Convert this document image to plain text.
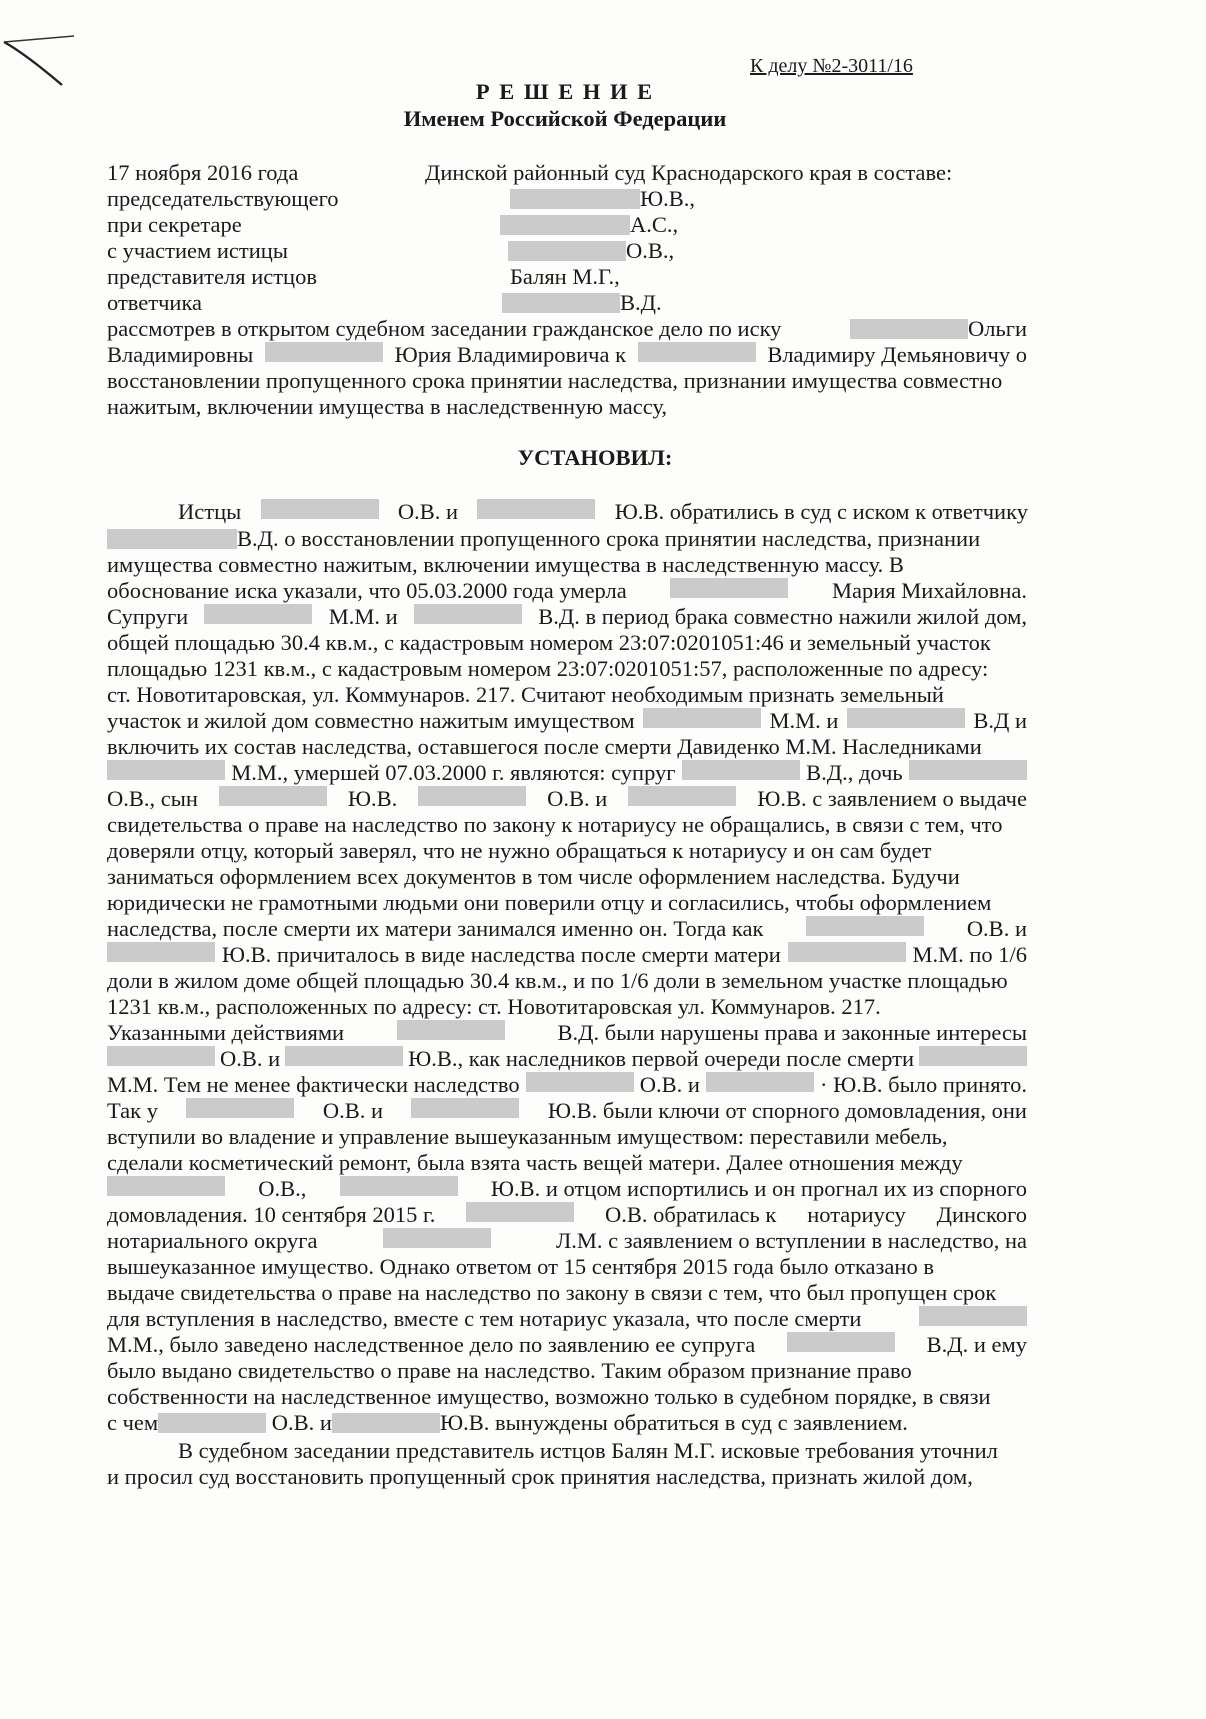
К делу №2-3011/16
Р Е Ш Е Н И Е
Именем Российской Федерации
17 ноября 2016 года	Динской районный суд Краснодарского края в составе:
председательствующего	Ю.В.,
при секретаре	А.С.,
с участием истицы	О.В.,
представителя истцов	Балян М.Г.,
ответчика	В.Д.
рассмотрев в открытом судебном заседании гражданское дело по иску	Ольги
Владимировны	Юрия Владимировича к	Владимиру Демьяновичу о
восстановлении пропущенного срока принятии наследства, признании имущества совместно
нажитым, включении имущества в наследственную массу,
УСТАНОВИЛ:
Истцы	О.В. и	Ю.В. обратились в суд с иском к ответчику
В.Д. о восстановлении пропущенного срока принятии наследства, признании
имущества совместно нажитым, включении имущества в наследственную массу. В
обоснование иска указали, что 05.03.2000 года умерла	Мария Михайловна.
Супруги	М.М. и	В.Д. в период брака совместно нажили жилой дом,
общей площадью 30.4 кв.м., с кадастровым номером 23:07:0201051:46 и земельный участок
площадью 1231 кв.м., с кадастровым номером 23:07:0201051:57, расположенные по адресу:
ст. Новотитаровская, ул. Коммунаров. 217. Считают необходимым признать земельный
участок и жилой дом совместно нажитым имуществом	М.М. и	В.Д и
включить их состав наследства, оставшегося после смерти Давиденко М.М. Наследниками
М.М., умершей 07.03.2000 г. являются: супруг	В.Д., дочь
О.В., сын	Ю.В.	О.В. и	Ю.В. с заявлением о выдаче
свидетельства о праве на наследство по закону к нотариусу не обращались, в связи с тем, что
доверяли отцу, который заверял, что не нужно обращаться к нотариусу и он сам будет
заниматься оформлением всех документов в том числе оформлением наследства. Будучи
юридически не грамотными людьми они поверили отцу и согласились, чтобы оформлением
наследства, после смерти их матери занимался именно он. Тогда как	О.В. и
Ю.В. причиталось в виде наследства после смерти матери	М.М. по 1/6
доли в жилом доме общей площадью 30.4 кв.м., и по 1/6 доли в земельном участке площадью
1231 кв.м., расположенных по адресу: ст. Новотитаровская ул. Коммунаров. 217.
Указанными действиями	В.Д. были нарушены права и законные интересы
О.В. и	Ю.В., как наследников первой очереди после смерти
М.М. Тем не менее фактически наследство	О.В. и	· Ю.В. было принято.
Так у	О.В. и	Ю.В. были ключи от спорного домовладения, они
вступили во владение и управление вышеуказанным имуществом: переставили мебель,
сделали косметический ремонт, была взята часть вещей матери. Далее отношения между
О.В.,	Ю.В. и отцом испортились и он прогнал их из спорного
домовладения. 10 сентября 2015 г.	О.В. обратилась к нотариусу Динского
нотариального округа	Л.М. с заявлением о вступлении в наследство, на
вышеуказанное имущество. Однако ответом от 15 сентября 2015 года было отказано в
выдаче свидетельства о праве на наследство по закону в связи с тем, что был пропущен срок
для вступления в наследство, вместе с тем нотариус указала, что после смерти
М.М., было заведено наследственное дело по заявлению ее супруга	В.Д. и ему
было выдано свидетельство о праве на наследство. Таким образом признание право
собственности на наследственное имущество, возможно только в судебном порядке, в связи
с чем	О.В. и	Ю.В. вынуждены обратиться в суд с заявлением.
В судебном заседании представитель истцов Балян М.Г. исковые требования уточнил
и просил суд восстановить пропущенный срок принятия наследства, признать жилой дом,
